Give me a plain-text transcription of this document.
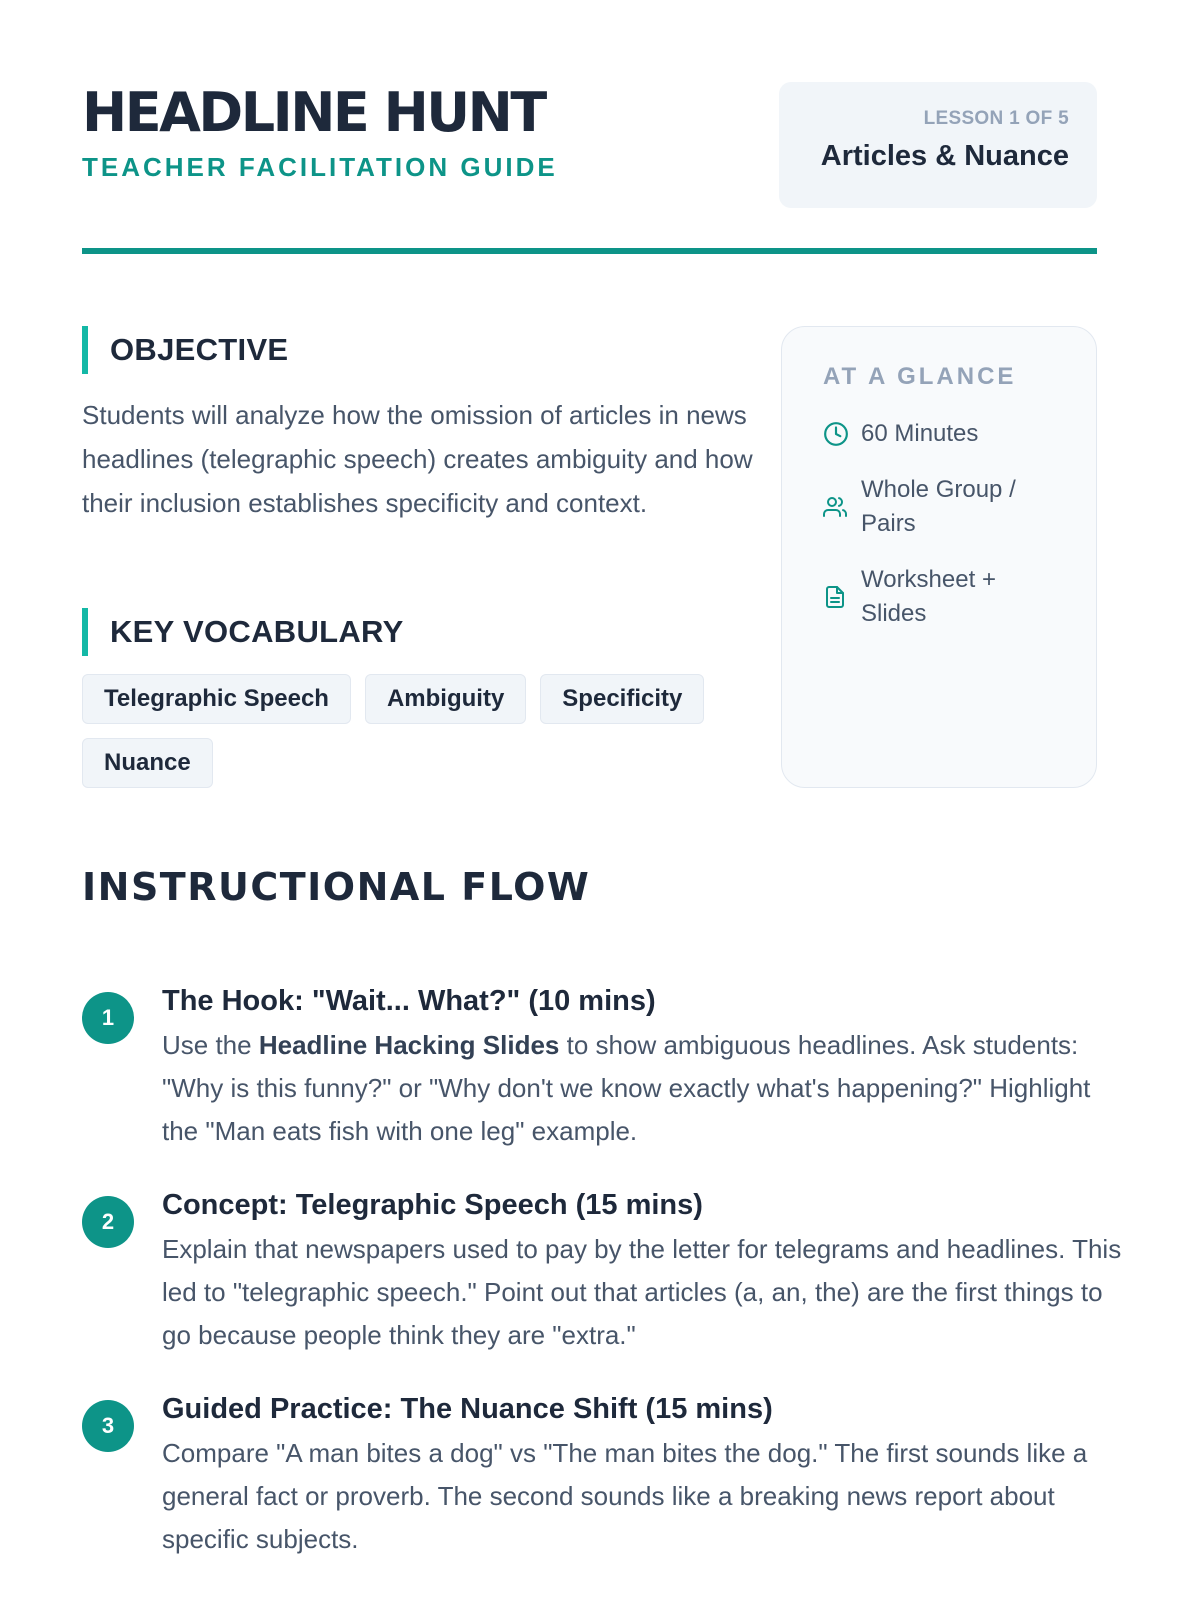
HEADLINE HUNT
TEACHER FACILITATION GUIDE
LESSON 1 OF 5
Articles & Nuance
OBJECTIVE

Students will analyze how the omission of articles in news headlines (telegraphic speech) creates ambiguity and how their inclusion establishes specificity and context.

KEY VOCABULARY
Telegraphic Speech	Ambiguity	Specificity
Nuance
AT A GLANCE
60 Minutes
Whole Group / Pairs
Worksheet + Slides
INSTRUCTIONAL FLOW
1
The Hook: "Wait... What?" (10 mins)

Use the Headline Hacking Slides to show ambiguous headlines. Ask students: "Why is this funny?" or "Why don't we know exactly what's happening?" Highlight the "Man eats fish with one leg" example.

2
Concept: Telegraphic Speech (15 mins)

Explain that newspapers used to pay by the letter for telegrams and headlines. This led to "telegraphic speech." Point out that articles (a, an, the) are the first things to go because people think they are "extra."

3
Guided Practice: The Nuance Shift (15 mins)

Compare "A man bites a dog" vs "The man bites the dog." The first sounds like a general fact or proverb. The second sounds like a breaking news report about specific subjects.
